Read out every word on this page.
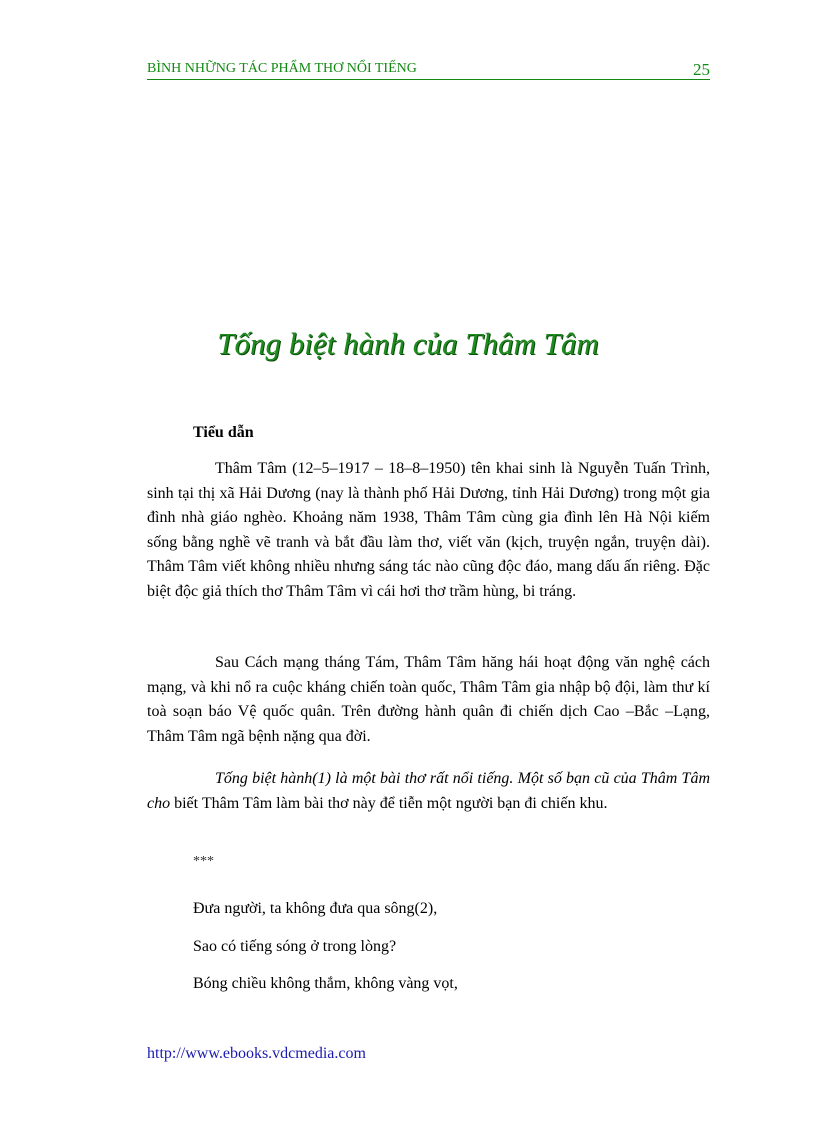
BÌNH NHỮNG TÁC PHẨM THƠ NỔI TIẾNG	25
Tống biệt hành của Thâm Tâm
Tiểu dẫn

Thâm Tâm (12–5–1917 – 18–8–1950) tên khai sinh là Nguyễn Tuấn Trình, sinh tại thị xã Hải Dương (nay là thành phố Hải Dương, tỉnh Hải Dương) trong một gia đình nhà giáo nghèo. Khoảng năm 1938, Thâm Tâm cùng gia đình lên Hà Nội kiếm sống bằng nghề vẽ tranh và bắt đầu làm thơ, viết văn (kịch, truyện ngắn, truyện dài). Thâm Tâm viết không nhiều nhưng sáng tác nào cũng độc đáo, mang dấu ấn riêng. Đặc biệt độc giả thích thơ Thâm Tâm vì cái hơi thơ trầm hùng, bi tráng.

Sau Cách mạng tháng Tám, Thâm Tâm hăng hái hoạt động văn nghệ cách mạng, và khi nổ ra cuộc kháng chiến toàn quốc, Thâm Tâm gia nhập bộ đội, làm thư kí toà soạn báo Vệ quốc quân. Trên đường hành quân đi chiến dịch Cao –Bắc –Lạng, Thâm Tâm ngã bệnh nặng qua đời.

Tống biệt hành(1) là một bài thơ rất nổi tiếng. Một số bạn cũ của Thâm Tâm cho biết Thâm Tâm làm bài thơ này để tiễn một người bạn đi chiến khu.

***
Đưa người, ta không đưa qua sông(2),
Sao có tiếng sóng ở trong lòng?
Bóng chiều không thắm, không vàng vọt,
http://www.ebooks.vdcmedia.com
